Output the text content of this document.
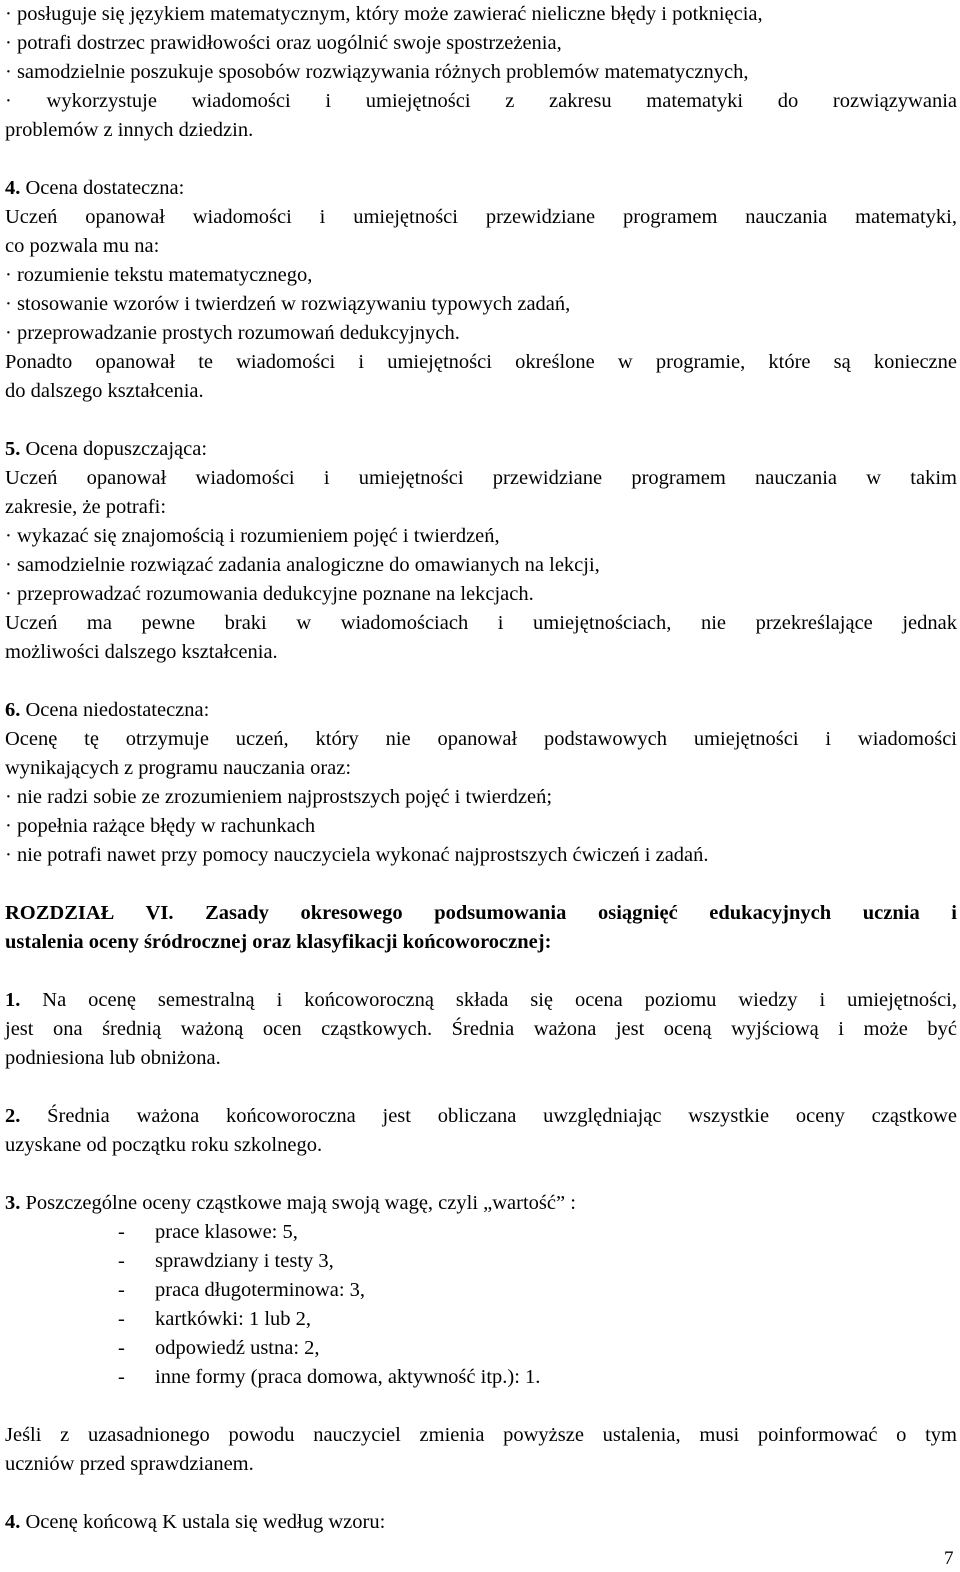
· posługuje się językiem matematycznym, który może zawierać nieliczne błędy i potknięcia,
· potrafi dostrzec prawidłowości oraz uogólnić swoje spostrzeżenia,
· samodzielnie poszukuje sposobów rozwiązywania różnych problemów matematycznych,
· wykorzystuje wiadomości i umiejętności z zakresu matematyki do rozwiązywania
problemów z innych dziedzin.
4. Ocena dostateczna:
Uczeń opanował wiadomości i umiejętności przewidziane programem nauczania matematyki,
co pozwala mu na:
· rozumienie tekstu matematycznego,
· stosowanie wzorów i twierdzeń w rozwiązywaniu typowych zadań,
· przeprowadzanie prostych rozumowań dedukcyjnych.
Ponadto opanował te wiadomości i umiejętności określone w programie, które są konieczne
do dalszego kształcenia.
5. Ocena dopuszczająca:
Uczeń opanował wiadomości i umiejętności przewidziane programem nauczania w takim
zakresie, że potrafi:
· wykazać się znajomością i rozumieniem pojęć i twierdzeń,
· samodzielnie rozwiązać zadania analogiczne do omawianych na lekcji,
· przeprowadzać rozumowania dedukcyjne poznane na lekcjach.
Uczeń ma pewne braki w wiadomościach i umiejętnościach, nie przekreślające jednak
możliwości dalszego kształcenia.
6. Ocena niedostateczna:
Ocenę tę otrzymuje uczeń, który nie opanował podstawowych umiejętności i wiadomości
wynikających z programu nauczania oraz:
· nie radzi sobie ze zrozumieniem najprostszych pojęć i twierdzeń;
· popełnia rażące błędy w rachunkach
· nie potrafi nawet przy pomocy nauczyciela wykonać najprostszych ćwiczeń i zadań.
ROZDZIAŁ VI. Zasady okresowego podsumowania osiągnięć edukacyjnych ucznia i
ustalenia oceny śródrocznej oraz klasyfikacji końcoworocznej:
1. Na ocenę semestralną i końcoworoczną składa się ocena poziomu wiedzy i umiejętności,
jest ona średnią ważoną ocen cząstkowych. Średnia ważona jest oceną wyjściową i może być
podniesiona lub obniżona.
2. Średnia ważona końcoworoczna jest obliczana uwzględniając wszystkie oceny cząstkowe
uzyskane od początku roku szkolnego.
3. Poszczególne oceny cząstkowe mają swoją wagę, czyli „wartość” :
- prace klasowe: 5,
- sprawdziany i testy 3,
- praca długoterminowa: 3,
- kartkówki: 1 lub 2,
- odpowiedź ustna: 2,
- inne formy (praca domowa, aktywność itp.): 1.
Jeśli z uzasadnionego powodu nauczyciel zmienia powyższe ustalenia, musi poinformować o tym
uczniów przed sprawdzianem.
4. Ocenę końcową K ustala się według wzoru:
7
